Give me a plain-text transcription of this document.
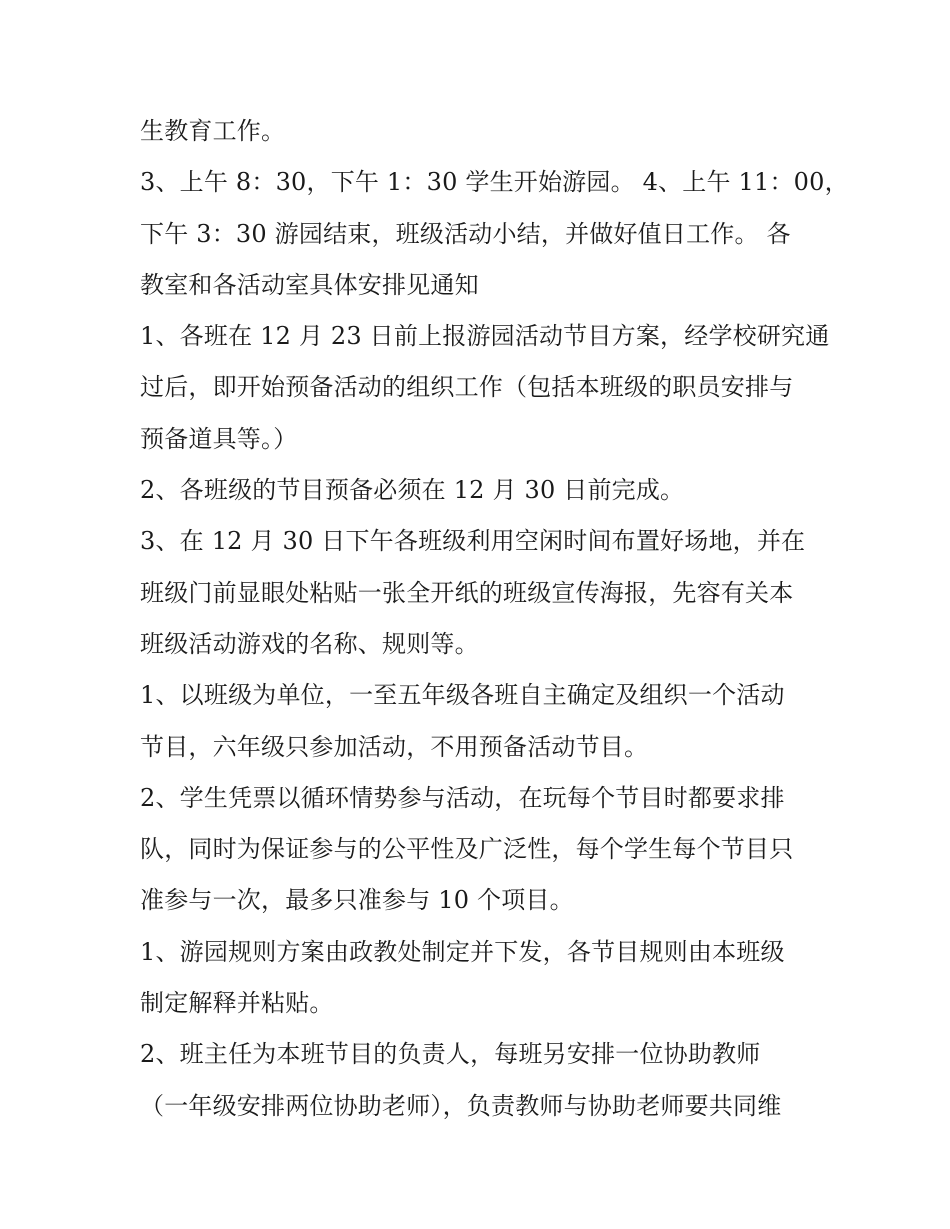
生教育工作。
3、上午 8：30，下午 1：30 学生开始游园。 4、上午 11：00，
下午 3：30 游园结束，班级活动小结，并做好值日工作。 各
教室和各活动室具体安排见通知
1、各班在 12 月 23 日前上报游园活动节目方案，经学校研究通
过后，即开始预备活动的组织工作（包括本班级的职员安排与
预备道具等。）
2、各班级的节目预备必须在 12 月 30 日前完成。
3、在 12 月 30 日下午各班级利用空闲时间布置好场地，并在
班级门前显眼处粘贴一张全开纸的班级宣传海报，先容有关本
班级活动游戏的名称、规则等。
1、以班级为单位，一至五年级各班自主确定及组织一个活动
节目，六年级只参加活动，不用预备活动节目。
2、学生凭票以循环情势参与活动，在玩每个节目时都要求排
队，同时为保证参与的公平性及广泛性，每个学生每个节目只
准参与一次，最多只准参与 10 个项目。
1、游园规则方案由政教处制定并下发，各节目规则由本班级
制定解释并粘贴。
2、班主任为本班节目的负责人，每班另安排一位协助教师
（一年级安排两位协助老师），负责教师与协助老师要共同维
